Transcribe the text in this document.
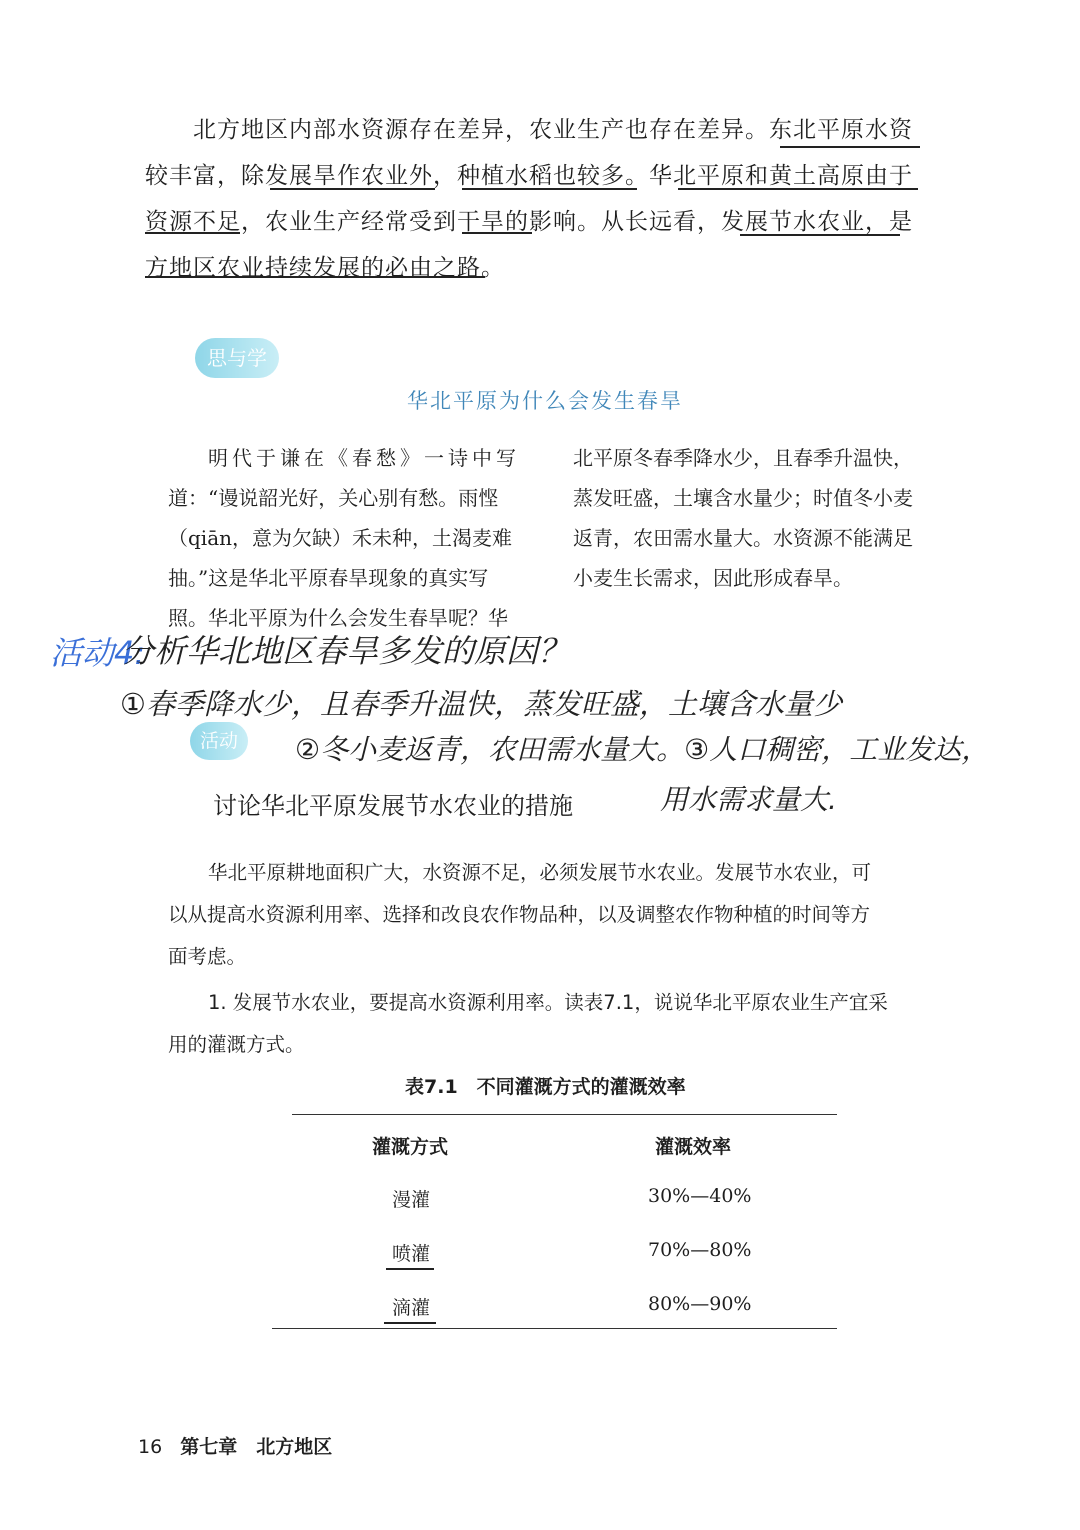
北方地区内部水资源存在差异，农业生产也存在差异。东北平原水资
较丰富，除发展旱作农业外，种植水稻也较多。华北平原和黄土高原由于
资源不足，农业生产经常受到干旱的影响。从长远看，发展节水农业，是
方地区农业持续发展的必由之路。
思与学
华北平原为什么会发生春旱
明代于谦在《春愁》一诗中写
道：“谩说韶光好，关心别有愁。雨悭
（qiān，意为欠缺）禾未种，土渴麦难
抽。”这是华北平原春旱现象的真实写
照。华北平原为什么会发生春旱呢？华
北平原冬春季降水少，且春季升温快，
蒸发旺盛，土壤含水量少；时值冬小麦
返青，农田需水量大。水资源不能满足
小麦生长需求，因此形成春旱。
活动4:
分析华北地区春旱多发的原因？
①春季降水少，且春季升温快，蒸发旺盛，土壤含水量少
活动	②冬小麦返青，农田需水量大。③人口稠密，工业发达，
讨论华北平原发展节水农业的措施	用水需求量大.
华北平原耕地面积广大，水资源不足，必须发展节水农业。发展节水农业，可
以从提高水资源利用率、选择和改良农作物品种，以及调整农作物种植的时间等方
面考虑。
1. 发展节水农业，要提高水资源利用率。读表7.1，说说华北平原农业生产宜采
用的灌溉方式。
表7.1　不同灌溉方式的灌溉效率
灌溉方式	灌溉效率
漫灌	30%—40%
喷灌	70%—80%
滴灌	80%—90%
16 第七章　北方地区
